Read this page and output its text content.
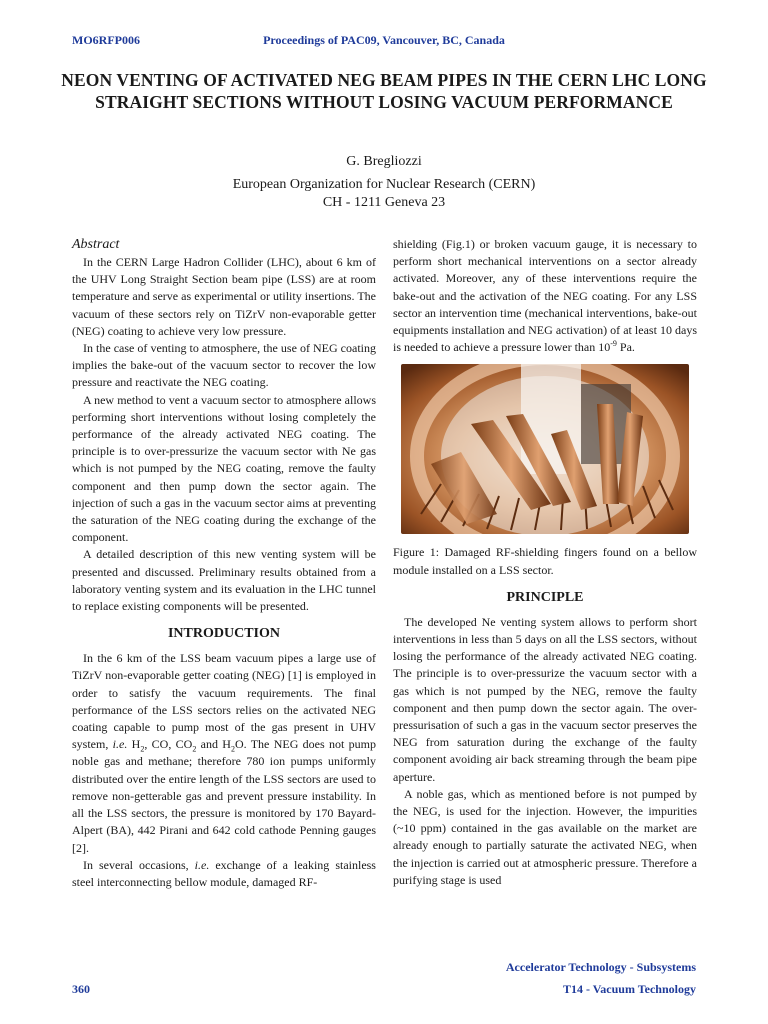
MO6RFP006	Proceedings of PAC09, Vancouver, BC, Canada
NEON VENTING OF ACTIVATED NEG BEAM PIPES IN THE CERN LHC LONG STRAIGHT SECTIONS WITHOUT LOSING VACUUM PERFORMANCE
G. Bregliozzi
European Organization for Nuclear Research (CERN)
CH - 1211 Geneva 23
Abstract

In the CERN Large Hadron Collider (LHC), about 6 km of the UHV Long Straight Section beam pipe (LSS) are at room temperature and serve as experimental or utility insertions. The vacuum of these sectors rely on TiZrV non-evaporable getter (NEG) coating to achieve very low pressure.

In the case of venting to atmosphere, the use of NEG coating implies the bake-out of the vacuum sector to recover the low pressure and reactivate the NEG coating.

A new method to vent a vacuum sector to atmosphere allows performing short interventions without losing completely the performance of the already activated NEG coating. The principle is to over-pressurize the vacuum sector with Ne gas which is not pumped by the NEG coating, remove the faulty component and then pump down the sector again. The injection of such a gas in the vacuum sector aims at preventing the saturation of the NEG coating during the exchange of the component.

A detailed description of this new venting system will be presented and discussed. Preliminary results obtained from a laboratory venting system and its evaluation in the LHC tunnel to replace existing components will be presented.

INTRODUCTION

In the 6 km of the LSS beam vacuum pipes a large use of TiZrV non-evaporable getter coating (NEG) [1] is employed in order to satisfy the vacuum requirements. The final performance of the LSS sectors relies on the activated NEG coating capable to pump most of the gas present in UHV system, i.e. $H_2$, CO, $CO_2$ and $H_2O$. The NEG does not pump noble gas and methane; therefore 780 ion pumps uniformly distributed over the entire length of the LSS sectors are used to remove non-getterable gas and prevent pressure instability. In all the LSS sectors, the pressure is monitored by 170 Bayard-Alpert (BA), 442 Pirani and 642 cold cathode Penning gauges [2].

In several occasions, i.e. exchange of a leaking stainless steel interconnecting bellow module, damaged RF-

shielding (Fig.1) or broken vacuum gauge, it is necessary to perform short mechanical interventions on a sector already activated. Moreover, any of these interventions require the bake-out and the activation of the NEG coating. For any LSS sector an intervention time (mechanical interventions, bake-out equipments installation and NEG activation) of at least 10 days is needed to achieve a pressure lower than $10^{-9}$ Pa.

Figure 1: Damaged RF-shielding fingers found on a bellow module installed on a LSS sector.

PRINCIPLE

The developed Ne venting system allows to perform short interventions in less than 5 days on all the LSS sectors, without losing the performance of the already activated NEG coating. The principle is to over-pressurize the vacuum sector with a gas which is not pumped by the NEG, remove the faulty component and then pump down the sector again. The over-pressurisation of such a gas in the vacuum sector preserves the NEG from saturation during the exchange of the faulty component avoiding air back streaming through the beam pipe aperture.

A noble gas, which as mentioned before is not pumped by the NEG, is used for the injection. However, the impurities (~10 ppm) contained in the gas available on the market are already enough to partially saturate the activated NEG, when the injection is carried out at atmospheric pressure. Therefore a purifying stage is used

Accelerator Technology - Subsystems
360	T14 - Vacuum Technology
